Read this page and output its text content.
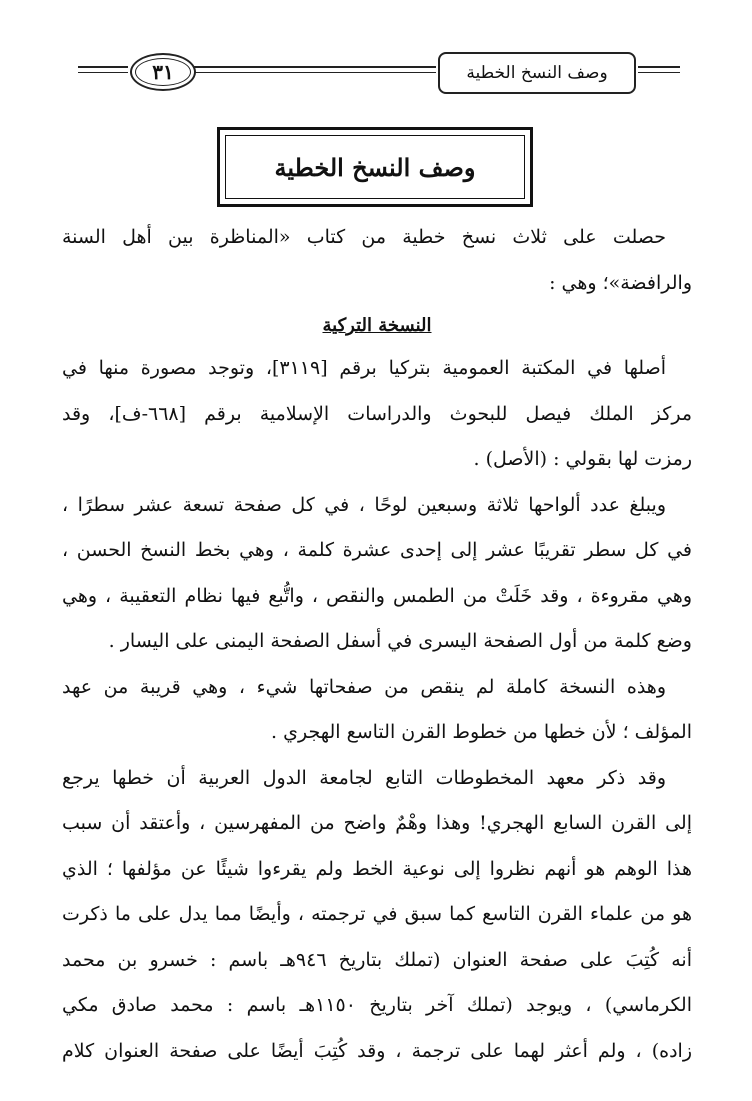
٣١	وصف النسخ الخطية
وصف النسخ الخطية
حصلت على ثلاث نسخ خطية من كتاب «المناظرة بين أهل السنة
والرافضة»؛ وهي :
النسخة التركية
أصلها في المكتبة العمومية بتركيا برقم [٣١١٩]، وتوجد مصورة منها في
مركز الملك فيصل للبحوث والدراسات الإسلامية برقم [٦٦٨-ف]، وقد
رمزت لها بقولي : (الأصل) .
ويبلغ عدد ألواحها ثلاثة وسبعين لوحًا ، في كل صفحة تسعة عشر سطرًا ،
في كل سطر تقريبًا عشر إلى إحدى عشرة كلمة ، وهي بخط النسخ الحسن ،
وهي مقروءة ، وقد خَلَتْ من الطمس والنقص ، واتُّبع فيها نظام التعقيبة ، وهي
وضع كلمة من أول الصفحة اليسرى في أسفل الصفحة اليمنى على اليسار .
وهذه النسخة كاملة لم ينقص من صفحاتها شيء ، وهي قريبة من عهد
المؤلف ؛ لأن خطها من خطوط القرن التاسع الهجري .
وقد ذكر معهد المخطوطات التابع لجامعة الدول العربية أن خطها يرجع
إلى القرن السابع الهجري! وهذا وهْمٌ واضح من المفهرسين ، وأعتقد أن سبب
هذا الوهم هو أنهم نظروا إلى نوعية الخط ولم يقرءوا شيئًا عن مؤلفها ؛ الذي
هو من علماء القرن التاسع كما سبق في ترجمته ، وأيضًا مما يدل على ما ذكرت
أنه كُتِبَ على صفحة العنوان (تملك بتاريخ ٩٤٦هـ باسم : خسرو بن محمد
الكرماسي) ، ويوجد (تملك آخر بتاريخ ١١٥٠هـ باسم : محمد صادق مكي
زاده) ، ولم أعثر لهما على ترجمة ، وقد كُتِبَ أيضًا على صفحة العنوان كلام
